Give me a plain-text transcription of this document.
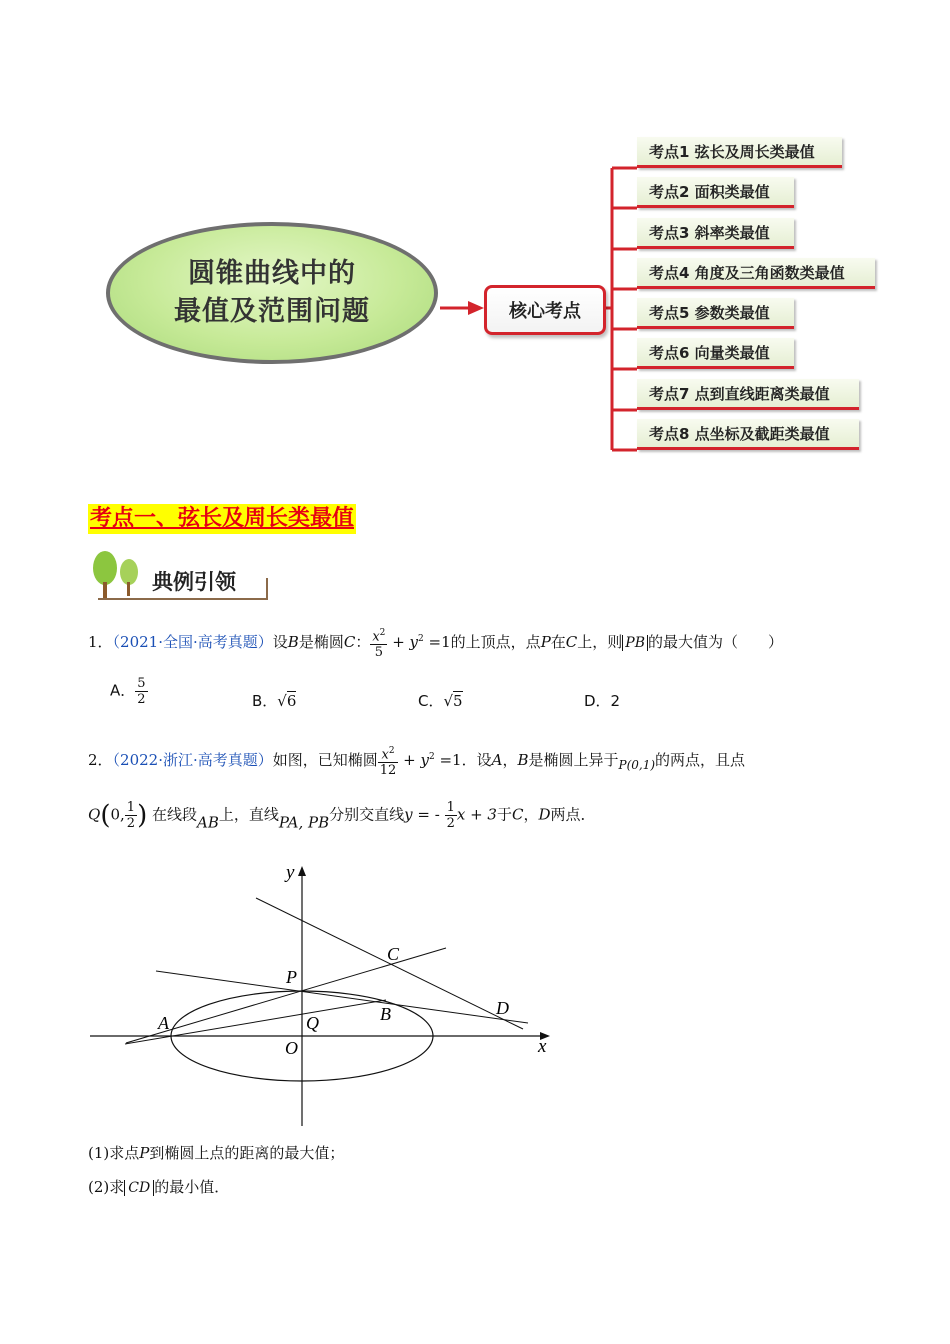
圆锥曲线中的
最值及范围问题	核心考点
考点1 弦长及周长类最值
考点2 面积类最值
考点3 斜率类最值
考点4 角度及三角函数类最值
考点5 参数类最值
考点6 向量类最值
考点7 点到直线距离类最值
考点8 点坐标及截距类最值
考点一、弦长及周长类最值
典例引领
1．（2021·全国·高考真题）设B是椭圆C： $\frac{x^2}{5} + y^2 =1$的上顶点，点P在C上，则 PB 的最大值为（　　）
A． $\frac{5}{2}$	B．√6	C．√5	D．2
2．（2022·浙江·高考真题）如图，已知椭圆 $\frac{x^2}{12} + y^2 =1$．设A，B是椭圆上异于$_{P(0,1)}$的两点，且点
Q(0, $\frac{1}{2}$ ) 在线段AB上，直线PA, PB分别交直线y = - $\frac{1}{2}$ x + 3于C，D两点．
y
x
O
P
Q
A	B
C
D
(1)求点P到椭圆上点的距离的最大值；
(2)求 CD 的最小值．
